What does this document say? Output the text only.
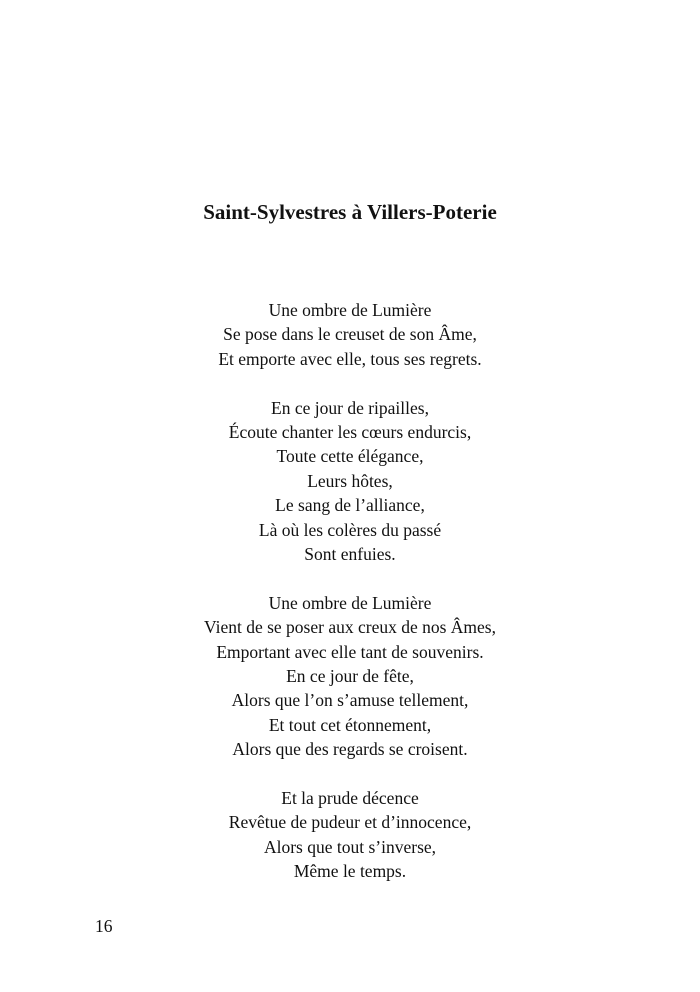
Saint-Sylvestres à Villers-Poterie
Une ombre de Lumière
Se pose dans le creuset de son Âme,
Et emporte avec elle, tous ses regrets.
En ce jour de ripailles,
Écoute chanter les cœurs endurcis,
Toute cette élégance,
Leurs hôtes,
Le sang de l’alliance,
Là où les colères du passé
Sont enfuies.
Une ombre de Lumière
Vient de se poser aux creux de nos Âmes,
Emportant avec elle tant de souvenirs.
En ce jour de fête,
Alors que l’on s’amuse tellement,
Et tout cet étonnement,
Alors que des regards se croisent.
Et la prude décence
Revêtue de pudeur et d’innocence,
Alors que tout s’inverse,
Même le temps.
16
